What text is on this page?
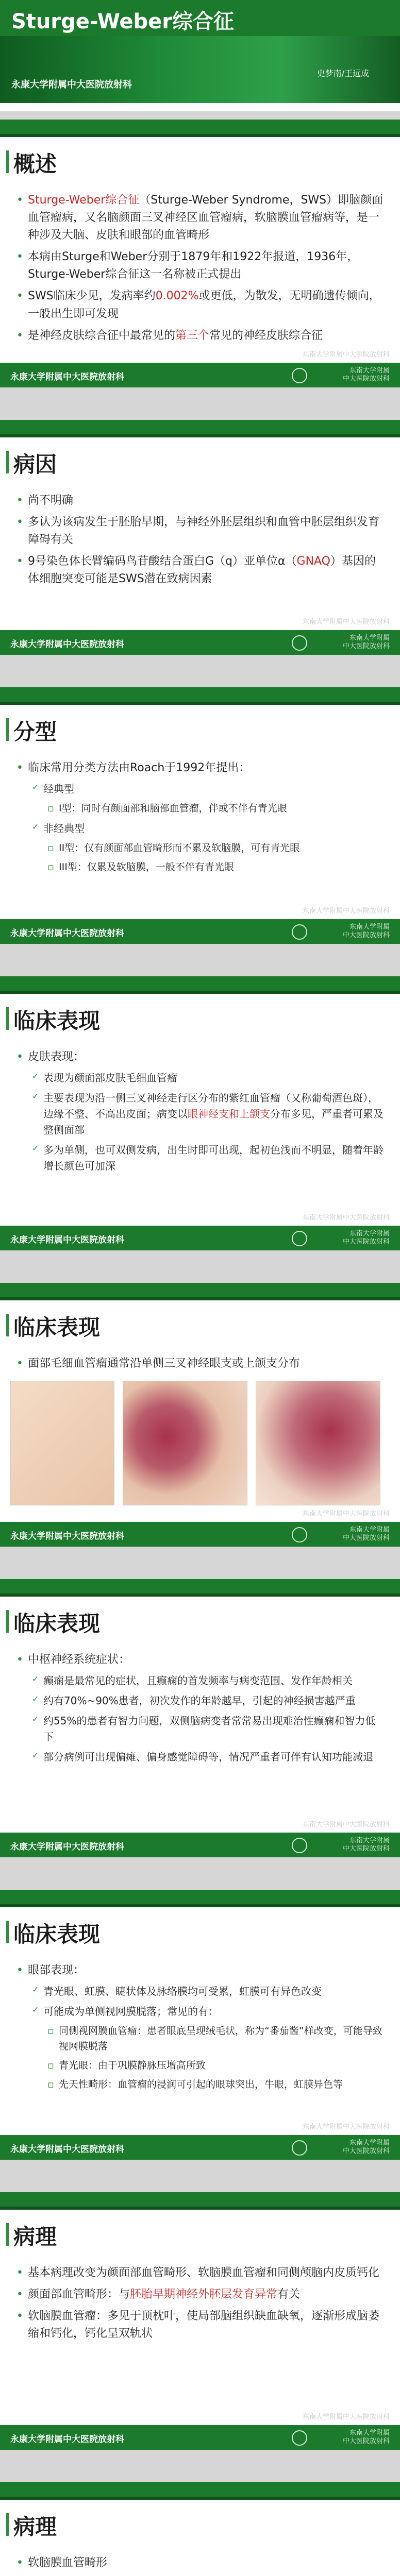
Sturge-Weber综合征
永康大学附属中大医院放射科
史梦南/王远成
概述
• Sturge-Weber综合征（Sturge-Weber Syndrome，SWS）即脑颜面血管瘤病，又名脑颜面三叉神经区血管瘤病，软脑膜血管瘤病等，是一种涉及大脑、皮肤和眼部的血管畸形
• 本病由Sturge和Weber分别于1879年和1922年报道，1936年，Sturge-Weber综合征这一名称被正式提出
• SWS临床少见，发病率约0.002%或更低，为散发，无明确遗传倾向，一般出生即可发现
• 是神经皮肤综合征中最常见的第三个常见的神经皮肤综合征
东南大学附属中大医院放射科
永康大学附属中大医院放射科
东南大学附属
中大医院放射科
病因
• 尚不明确
• 多认为该病发生于胚胎早期，与神经外胚层组织和血管中胚层组织发育障碍有关
• 9号染色体长臂编码鸟苷酸结合蛋白G（q）亚单位α（GNAQ）基因的体细胞突变可能是SWS潜在致病因素
东南大学附属中大医院放射科
永康大学附属中大医院放射科
东南大学附属
中大医院放射科
分型
• 临床常用分类方法由Roach于1992年提出：
✓ 经典型
▫ I型：同时有颜面部和脑部血管瘤，伴或不伴有青光眼
✓ 非经典型
▫ II型：仅有颜面部血管畸形而不累及软脑膜，可有青光眼
▫ III型：仅累及软脑膜，一般不伴有青光眼
东南大学附属中大医院放射科
永康大学附属中大医院放射科
东南大学附属
中大医院放射科
临床表现
• 皮肤表现：
✓ 表现为颜面部皮肤毛细血管瘤
✓ 主要表现为沿一侧三叉神经走行区分布的紫红血管瘤（又称葡萄酒色斑），边缘不整、不高出皮面；病变以眼神经支和上颌支分布多见，严重者可累及整侧面部
✓ 多为单侧，也可双侧发病，出生时即可出现，起初色浅而不明显，随着年龄增长颜色可加深
东南大学附属中大医院放射科
永康大学附属中大医院放射科
东南大学附属
中大医院放射科
临床表现
• 面部毛细血管瘤通常沿单侧三叉神经眼支或上颌支分布
东南大学附属中大医院放射科
永康大学附属中大医院放射科
东南大学附属
中大医院放射科
临床表现
• 中枢神经系统症状：
✓ 癫痫是最常见的症状，且癫痫的首发频率与病变范围、发作年龄相关
✓ 约有70%~90%患者，初次发作的年龄越早，引起的神经损害越严重
✓ 约55%的患者有智力问题，双侧脑病变者常常易出现难治性癫痫和智力低下
✓ 部分病例可出现偏瘫、偏身感觉障碍等，情况严重者可伴有认知功能减退
东南大学附属中大医院放射科
永康大学附属中大医院放射科
东南大学附属
中大医院放射科
临床表现
• 眼部表现：
✓ 青光眼、虹膜、睫状体及脉络膜均可受累，虹膜可有异色改变
✓ 可能成为单侧视网膜脱落；常见的有：
▫ 同侧视网膜血管瘤：患者眼底呈现绒毛状，称为“番茄酱”样改变，可能导致视网膜脱落
▫ 青光眼：由于巩膜静脉压增高所致
▫ 先天性畸形：血管瘤的浸润可引起的眼球突出，牛眼，虹膜异色等
东南大学附属中大医院放射科
永康大学附属中大医院放射科
东南大学附属
中大医院放射科
病理
• 基本病理改变为颜面部血管畸形、软脑膜血管瘤和同侧颅脑内皮质钙化
• 颜面部血管畸形：与胚胎早期神经外胚层发育异常有关
• 软脑膜血管瘤：多见于顶枕叶，使局部脑组织缺血缺氧，逐渐形成脑萎缩和钙化，钙化呈双轨状
东南大学附属中大医院放射科
永康大学附属中大医院放射科
东南大学附属
中大医院放射科
病理
• 软脑膜血管畸形
